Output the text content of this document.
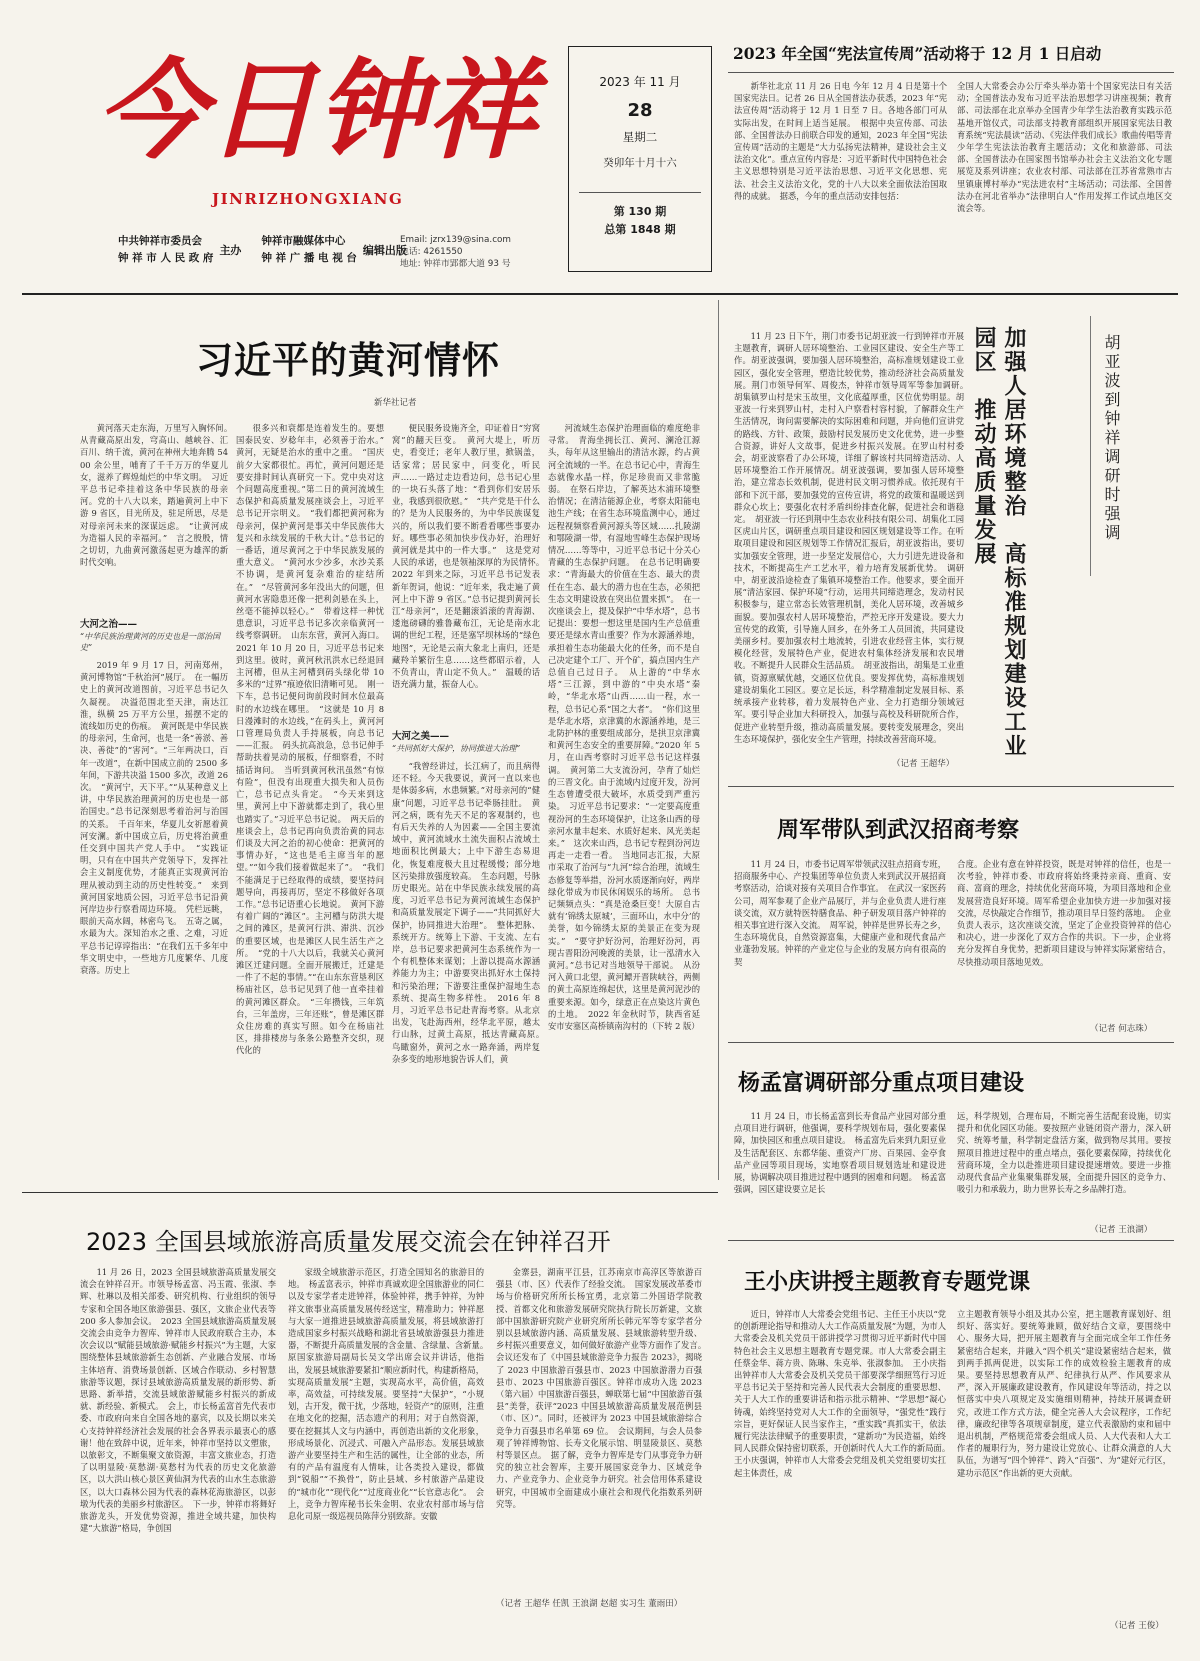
今日钟祥
JINRIZHONGXIANG
中共钟祥市委员会
钟 祥 市 人 民 政 府
主办
钟祥市融媒体中心
钟 祥 广 播 电 视 台
编辑出版
Email: jzrx139@sina.com
电话: 4261550
地址: 钟祥市郢都大道 93 号
2023 年 11 月
28
星期二
癸卯年十月十六
第 130 期
总第 1848 期
2023 年全国“宪法宣传周”活动将于 12 月 1 日启动
新华社北京 11 月 26 日电 今年 12 月 4 日是第十个国家宪法日。记者 26 日从全国普法办获悉，2023 年“宪法宣传周”活动将于 12 月 1 日至 7 日。各地各部门可从实际出发，在时间上适当延展。　根据中央宣传部、司法部、全国普法办日前联合印发的通知，2023 年全国“宪法宣传周”活动的主题是“大力弘扬宪法精神，建设社会主义法治文化”。重点宣传内容是：习近平新时代中国特色社会主义思想特别是习近平法治思想、习近平文化思想、宪法、社会主义法治文化，党的十八大以来全面依法治国取得的成就。　据悉，今年的重点活动安排包括：
全国人大常委会办公厅牵头举办第十个国家宪法日有关活动；全国普法办发布习近平法治思想学习讲座视频；教育部、司法部在北京举办全国青少年学生法治教育实践示范基地开馆仪式，司法部支持教育部组织开展国家宪法日教育系统“宪法晨读”活动、《宪法伴我们成长》歌曲传唱等青少年学生宪法法治教育主题活动；文化和旅游部、司法部、全国普法办在国家图书馆举办社会主义法治文化专题展览及系列讲座；农业农村部、司法部在江苏省常熟市古里镇康博村举办“宪法进农村”主场活动；司法部、全国普法办在河北省举办“法律明白人”作用发挥工作试点地区交流会等。
习近平的黄河情怀
新华社记者
黄河落天走东海，万里写入胸怀间。　从青藏高原出发，穹高山、越峡谷、汇百川、纳千流，黄河在神州大地奔腾 5400 余公里，哺育了千千万万的华夏儿女，滋养了辉煌灿烂的中华文明。　习近平总书记牵挂着这条中华民族的母亲河。党的十八大以来，踏遍黄河上中下游 9 省区，目光所及，驻足所思，尽是对母亲河未来的深谋远虑。　“让黄河成为造福人民的幸福河。”　言之殷殷，情之切切，九曲黄河激荡起更为雄浑的新时代交响。
大河之治——
“中华民族治理黄河的历史也是一部治国史”
2019 年 9 月 17 日，河南郑州，黄河博物馆“千秋治河”展厅。　在一幅历史上的黄河改道图前，习近平总书记久久凝视。　决溢范围北至天津，南达江淮，纵横 25 万平方公里，摇摆不定的流线如历史的伤痕。　黄河既是中华民族的母亲河，生命河，也是一条“善淤、善决、善徙”的“害河”。“三年两决口，百年一改道”，在新中国成立前的 2500 多年间，下游共决溢 1500 多次，改道 26 次。　“黄河宁，天下平。”“从某种意义上讲，中华民族治理黄河的历史也是一部治国史。”总书记深刻思考着治河与治国的关系。　千百年来，华夏儿女祈愿着黄河安澜。新中国成立后，历史将治黄重任交到中国共产党人手中。　“实践证明，只有在中国共产党领导下，发挥社会主义制度优势，才能真正实现黄河治理从被动到主动的历史性转变。”　来到黄河国家地质公园，习近平总书记沿黄河岸边步行察看周边环境。　凭栏远眺，眼前天高水阔，林密鸟飞。　五寄之属，水最为大。深知治水之重、之难，习近平总书记谆谆指出：“在我们五千多年中华文明史中，一些地方几度繁华、几度衰落。历史上
很多兴和衰都是连着发生的。要想国泰民安、岁稔年丰，必须善于治水。”　黄河，无疑是治水的重中之重。　“国庆前夕大家都很忙。再忙，黄河问题还是要安排时间认真研究一下。党中央对这个问题高度重视。”第二日的黄河流域生态保护和高质量发展座谈会上，习近平总书记开宗明义。　“我们都把黄河称为母亲河，保护黄河是事关中华民族伟大复兴和永续发展的千秋大计。”总书记的一番话，道尽黄河之于中华民族发展的重大意义。　“黄河水少沙多，水沙关系不协调，是黄河复杂难治的症结所在。”　“尽管黄河多年没出大的问题，但黄河水害隐患还像一把利剑悬在头上，丝毫不能掉以轻心。”　带着这样一种忧患意识，习近平总书记多次亲临黄河一线考察调研。　山东东营，黄河入海口。2021 年 10 月 20 日，习近平总书记来到这里。彼时，黄河秋汛洪水已经退回主河槽，但从主河槽到码头绿化带 10 多米的“过界”痕迹依旧清晰可见。　刚一下车，总书记便问询前段时间水位最高时的水边线在哪里。　“这就是 10 月 8 日漫滩时的水边线，”在码头上，黄河河口管理局负责人手持展板，向总书记——汇报。　码头抗高浪急，总书记伸手帮助扶着晃动的展板，仔细察看，不时插话询问。　当听到黄河秋汛虽然“有惊有险”，但没有出现重大损失和人员伤亡，总书记点头肯定。　“今天来到这里，黄河上中下游就都走到了，我心里也踏实了。”习近平总书记说。　两天后的座谈会上，总书记再向负责治黄的同志们谈及大河之治的初心使命：把黄河的事情办好，“这也是毛主席当年的愿望。”“如今我们接着做起来了”。　“我们不能满足于已经取得的成绩，要坚持问题导向，再接再厉，坚定不移做好各项工作。”总书记语重心长地说。　黄河下游有着广阔的“滩区”。主河槽与防洪大堤之间的滩区，是黄河行洪、滞洪、沉沙的重要区域，也是滩区人民生活生产之所。　“党的十八大以后，我就关心黄河滩区迁建问题。全面开展搬迁，迁建是一件了不起的事情。”“在山东东营垦利区杨庙社区，总书记见到了他一直牵挂着的黄河滩区群众。　“三年攒钱，三年筑台，三年盖房，三年还账”，曾是滩区群众住房难的真实写照。如今在杨庙社区，排排楼房与条条公路整齐交织，现代化的
便民服务设施齐全，印证着日“穷窝窝”的翻天巨变。　黄河大堤上，听历史，看变迁；老年人教厅里，掀锅盖，话家常；居民家中，问变化，听民声……一路过走边看边问，总书记心里的一块石头落了地：“看到你们安居乐业，我感到很欣慰。”　“共产党是干什么的？是为人民服务的，为中华民族谋复兴的，所以我们要不断看看哪些事要办好。哪些事必须加快步伐办好，治理好黄河就是其中的一件大事。”　这是党对人民的承诺，也是领袖深厚的为民情怀。　2022 年到来之际，习近平总书记发表新年贺词，他说：“近年来，我走遍了黄河上中下游 9 省区。”总书记提到黄河长江“母亲河”，还是翻滚滔滚的青海湖、逶迤磅礴的雅鲁藏布江，无论是南水北调的世纪工程，还是塞罕坝林场的“绿色地图”，无论是云南大象北上南归，还是藏羚羊繁衍生息……这些都昭示着，人不负青山，青山定不负人。”　温暖的话语充满力量，振奋人心。
大河之美——
“共同抓好大保护，协同推进大治理”
“我曾经讲过，长江病了，而且病得还不轻。今天我要说，黄河一直以来也是体弱多病，水患频繁。”对母亲河的“健康”问题，习近平总书记牵肠挂肚。　黄河之病，既有先天不足的客观制约，也有后天失养的人为因素——全国主要流域中，黄河流域水土流失面积占流域土地面积比例最大；上中下游生态易退化，恢复难度极大且过程缓慢；部分地区污染排放强度较高。　生态问题，号脉历史眼光。站在中华民族永续发展的高度，习近平总书记为黄河流域生态保护和高质量发展定下调子——“共同抓好大保护，协同推进大治理”。　整体把脉、系统开方。统筹上下游、干支流、左右岸，总书记要求把黄河生态系统作为一个有机整体来谋划；上游以提高水源涵养能力为主；中游要突出抓好水土保持和污染治理；下游要注重保护湿地生态系统、提高生物多样性。　2016 年 8 月，习近平总书记赴青海考察。从北京出发，飞赴海西州，经华北平原，越太行山脉，过黄土高原，抵达青藏高原。　鸟瞰窗外，黄河之水一路奔涌，两岸复杂多变的地形地貌告诉人们，黄
河流域生态保护治理面临的难度绝非寻常。　青海坐拥长江、黄河、澜沧江源头，每年从这里输出的清洁水源，约占黄河全流域的一半。在总书记心中，青海生态就像水晶一样，你足珍贵而又非常脆弱。　在祭石岸边，了解英达木浦环境整治情况；在清洁能源企业，考察太阳能电池生产线；在省生态环境监测中心，通过远程视频察看黄河源头等区域……扎陵湖和鄂陵湖一带，有湿地雪峰生态保护现场情况……等等中，习近平总书记十分关心青藏的生态保护问题。　在总书记明确要求：“青海最大的价值在生态、最大的责任在生态、最大的潜力也在生态，必须把生态文明建设放在突出位置来抓”。　在一次座谈会上，提及保护“中华水塔”，总书记提出：要想一想这里是国内生产总值重要还是绿水青山重要？作为水源涵养地，承担着生态功能最大化的任务，而不是自己决定建个工厂、开个矿，搞点国内生产总值自己过日子。　从上游的“中华水塔”三江源，到中游的“中央水塔”秦岭，“华北水塔”山西……山一程，水一程，总书记心系“国之大者”。　“你们这里是华北水塔，京津冀的水源涵养地，是三北防护林的重要组成部分，是拱卫京津冀和黄河生态安全的重要屏障。”2020 年 5 月，在山西考察时习近平总书记这样强调。　黄河第二大支流汾河，孕育了灿烂的三晋文化。由于流域内过度开发，汾河生态曾遭受很大破坏，水质受到严重污染。　习近平总书记要求：“一定要高度重视汾河的生态环境保护，让这条山西的母亲河水量丰起来、水质好起来、风光美起来。”　这次来山西，总书记专程到汾河边再走一走看一看。　当地同志汇报，大原市采取了治河与“九河”综合治理，流域生态修复等举措，汾河水质逐渐向好，两岸绿化带成为市民休闲娱乐的场所。　总书记频频点头：“真是沧桑巨变！大原自古就有‘锦绣太原城’，三面环山，水中分’的美誉，如今锦绣太原的美景正在变为现实。”　“要守护好汾河，治理好汾河，再现古晋阳汾河晚渡的美景，让一泓清水入黄河。”总书记对当地领导干部说。　从汾河入黄口北望，黄河鳔开晋陕峡谷，两侧的黄土高原连绵起伏，这里是黄河泥沙的重要来源。如今，绿意正在点染这片黄色的土地。　2022 年金秋时节，陕西省延安市安塞区高桥镇南沟村的（下转 2 版）
11 月 23 日下午，荆门市委书记胡亚波一行到钟祥市开展主题教育，调研人居环境整治、工业园区建设、安全生产等工作。胡亚波强调，要加强人居环境整治，高标准规划建设工业园区，强化安全管理，塑造比较优势，推动经济社会高质量发展。荆门市领导何军、周俊杰，钟祥市领导周军等参加调研。　胡集镇罗山村是宋玉故里，文化底蕴厚重，区位优势明显。胡亚波一行来到罗山村，走村入户察看村容村貌，了解群众生产生活情况，询问需要解决的实际困难和问题，并向他们宣讲党的路线、方针、政策，鼓励村民发展历史文化优势，进一步整合资源，讲好人文故事，促进乡村振兴发展。在罗山村村委会，胡亚波察看了办公环境，详细了解该村共同缔造活动、人居环境整治工作开展情况。胡亚波强调，要加强人居环境整治，建立常态长效机制，促进村民文明习惯养成。依托现有干部和下沉干部，要加强党的宣传宣讲，将党的政策和温暖送到群众心坎上；要强化农村矛盾纠纷排查化解，促进社会和谐稳定。　胡亚波一行还到荆中生态农业科技有限公司、胡集化工园区虎山片区，调研重点项目建设和园区规划建设等工作。在听取项目建设和园区规划等工作情况汇报后，胡亚波指出，要切实加强安全管理，进一步坚定发展信心，大力引进先进设备和技术，不断提高生产工艺水平，着力培育发展新优势。　调研中，胡亚波沿途检查了集镇环境整治工作。他要求，要全面开展“清洁家园、保护环境”行动，运用共同缔造理念，发动村民积极参与，建立常态长效管理机制，美化人居环境，改善城乡面貌。要加强农村人居环境整治，严控无序开发建设。要大力宣传党的政策，引导施人回乡，在外务工人员回流，共同建设美丽乡村。要加强农村土地流转，引进农业经营主体，实行规模化经营，发展特色产业，促进农村集体经济发展和农民增收。不断提升人民群众生活品质。　胡亚波指出，胡集是工业重镇，资源禀赋优越，交通区位优良。要发挥优势，高标准规划建设胡集化工园区。要立足长远，科学精准制定发展目标、系统承接产业转移，着力发展特色产业、全力打造细分领域冠军。要引导企业加大科研投入，加强与高校及科研院所合作，促进产业转型升级，推动高质量发展。要转变发展理念，突出生态环境保护，强化安全生产管理，持续改善营商环境。
（记者 王超华）
加强人居环境整治　高标准规划建设工业园区　推动高质量发展	胡亚波到钟祥调研时强调
周军带队到武汉招商考察
11 月 24 日，市委书记周军带领武汉驻点招商专班，招商服务中心、产投集团等单位负责人来到武汉开展招商考察活动，洽谈对接有关项目合作事宜。　在武汉一家医药公司，周军参观了企业产品展厅，并与企业负责人进行座谈交流，双方就特医特膳食品、种子研发项目落户钟祥的相关事宜进行深入交流。　周军说，钟祥是世界长寿之乡，生态环境优良，自然资源富集，大健康产业和现代食品产业蓬勃发展。钟祥的产业定位与企业的发展方向有很高的契
合度。企业有意在钟祥投资，既是对钟祥的信任，也是一次考验，钟祥市委、市政府将始终秉持亲商、重商、安商、富商的理念，持续优化营商环境，为项目落地和企业发展营造良好环境。周军希望企业加快方进一步加强对接交流，尽快敲定合作细节，推动项目早日签约落地。　企业负责人表示，这次座谈交流，坚定了企业投资钟祥的信心和决心，进一步深化了双方合作的共识。下一步，企业将充分发挥自身优势，把新项目建设与钟祥实际紧密结合，尽快推动项目落地见效。
（记者 何志珠）
杨孟富调研部分重点项目建设
11 月 24 日，市长杨孟富到长寿食品产业园对部分重点项目进行调研，他强调，要科学规划布局，强化要素保障，加快园区和重点项目建设。　杨孟富先后来到九阳豆业及生活配套区、东都华能、重资产厂房、百果园、金亭食品产业园等项目现场，实地察看项目规划选址和建设进展，协调解决项目推进过程中遇到的困难和问题。　杨孟富强调，园区建设要立足长
远，科学规划，合理布局，不断完善生活配套设施，切实提升和优化园区功能。要按照产业链闭资产潜力，深入研究、统筹考量，科学制定盘活方案，做到物尽其用。要按照项目推进过程中的重点堵点，强化要素保障，持续优化营商环境，全力以赴推进项目建设提速增效。要进一步推动现代食品产业集聚集群发展，全面提升园区的竞争力、吸引力和承载力，助力世界长寿之乡品牌打造。
（记者 王浪湖）
王小庆讲授主题教育专题党课
近日，钟祥市人大常委会党组书记、主任王小庆以“党的创新理论指导和推动人大工作高质量发展”为题，为市人大常委会及机关党员干部讲授学习贯彻习近平新时代中国特色社会主义思想主题教育专题党课。市人大常委会副主任蔡金华、蒋方贵、陈琳、朱克举、张淑参加。　王小庆指出钟祥市人大常委会及机关党员干部要深学细照笃行习近平总书记关于坚持和完善人民代表大会制度的重要思想、关于人大工作的重要讲话和指示批示精神、“学思想”凝心铸魂，始终坚持党对人大工作的全面领导，“强党性”践行宗旨，更好保证人民当家作主，“重实践”真抓实干，依法履行宪法法律赋予的重要职责，“建新功”为民造福，始终同人民群众保持密切联系，开创新时代人大工作的新局面。　王小庆强调，钟祥市人大常委会党组及机关党组要切实扛起主体责任，成
立主题教育领导小组及其办公室，把主题教育谋划好、组织好、落实好。要统筹兼顾，做好结合文章，要围绕中心、服务大局，把开展主题教育与全面完成全年工作任务紧密结合起来，并融入“四个机关”建设紧密结合起来，做到两手抓两促进，以实际工作的成效检验主题教育的成果。要坚持思想教育从严、纪律执行从严、作风要求从严，深入开展廉政建设教育，作风建设年等活动，持之以恒落实中央八项规定及实施细则精神，持续开展调查研究，改进工作方式方法，健全完善人大会议程序，工作纪律，廉政纪律等各项规章制度，建立代表激励约束和届中退出机制，严格规范常委会组成人员、人大代表和人大工作者的履职行为，努力建设让党放心、让群众满意的人大队伍，为谱写“四个钟祥”、跨入“百强”、为“建好元行区，建功示范区”作出新的更大贡献。
（记者 王俊）
2023 全国县域旅游高质量发展交流会在钟祥召开
11 月 26 日，2023 全国县域旅游高质量发展交流会在钟祥召开。市领导杨孟富、冯玉霞、张淑、李辉、杜琳以及相关部委、研究机构、行业组织的领导专家和全国各地区旅游强县、强区，文旅企业代表等 200 多人参加会议。　2023 全国县域旅游高质量发展交流会由竞争力智库、钟祥市人民政府联合主办，本次会议以“赋能县域旅游·赋能乡村振兴”为主题，大家围绕整体县域旅游新生态创新、产业融合发展、市场主体培育、消费场景创新、区域合作联动、乡村智慧旅游等议题，探讨县域旅游高质量发展的新形势、新思路、新举措，交流县域旅游赋能乡村振兴的新成就、新经验、新模式。　会上，市长杨孟富首先代表市委、市政府向来自全国各地的嘉宾，以及长期以来关心支持钟祥经济社会发展的社会各界表示最衷心的感谢！他在致辞中说，近年来，钟祥市坚持以文塑旅，以旅彰文，不断集聚文旅资源，丰富文旅业态，打造了以明显陵·莫愁湖·莫愁村为代表的历史文化旅游区，以大洪山核心景区黄仙洞为代表的山水生态旅游区，以大口森林公园为代表的森林花海旅游区，以彭墩为代表的美丽乡村旅游区。　下一步，钟祥市将舞好旅游龙头，开发优势资源，推进全域共建，加快构建“大旅游”格局，争创国
家级全域旅游示范区，打造全国知名的旅游目的地。　杨孟富表示，钟祥市真诚欢迎全国旅游业的同仁以及专家学者走进钟祥，体验钟祥，携手钟祥，为钟祥文旅事业高质量发展传经送宝，精准助力；钟祥愿与大家一道推进县域旅游高质量发展，将县域旅游打造成国家乡村振兴战略和湖北省县域旅游强县力推进器，不断提升高质量发展的含金量、含绿量、含新量。　原国家旅游局副局长吴文学出席会议并讲话，他指出，发展县域旅游要紧扣“顺应新时代，构建新格局，实现高质量发展”主题，实现高水平，高价值，高效率，高效益，可持续发展。要坚持“大保护”，“小规划，古开发，微干扰，少落地，轻资产”的原则，注重在地文化的挖掘，活态遗产的利用；对于自然资源，要在挖掘其人文与内涵中，再创造出新的文化形象，形成场景化、沉浸式、可融入产品形态。发展县域旅游产业要坚持生产和生活的属性，让全部的业态，所有的产品有温度有人情味，让各类投入建设，都做到“锐船”“不换骨”，防止县域、乡村旅游产品建设的“城市化”“现代化”“过度商业化”“长官意志化”。　会上，竞争力智库秘书长朱金明、农业农村部市场与信息化司原一级巡视员陈萍分别致辞。安徽
金寨县，湖南平江县，江苏南京市高淳区等旅游百强县（市、区）代表作了经验交流。　国家发展改革委市场与价格研究所所长杨宜勇，北京第二外国语学院教授、首都文化和旅游发展研究院执行院长厉新建，文旅部中国旅游研究院产业研究所所长韩元军等专家学者分别以县域旅游内涵、高质量发展、县域旅游转型升级、乡村振兴重要意义，如何做好旅游产业等方面作了发言。　会议还发布了《中国县域旅游竞争力报告 2023》，揭晓了 2023 中国旅游百强县市、2023 中国旅游潜力百强县市、2023 中国旅游百强区。钟祥市成功入选 2023（第六届）中国旅游百强县，蝉联第七届“中国旅游百强县”美誉，获评“2023 中国县域旅游高质量发展范例县（市、区）”。同时，还被评为 2023 中国县域旅游综合竞争力百强县市名单第 69 位。　会议期间，与会人员参观了钟祥博物馆、长寿文化展示馆、明显陵景区、莫愁村等景区点。　据了解，竞争力智库是专门从事竞争力研究的独立社会智库，主要开展国家竞争力、区域竞争力、产业竞争力、企业竞争力研究。社会信用体系建设研究，中国城市全面建成小康社会和现代化指数系列研究等。
（记者 王超华 任凯 王浪湖 赵超 实习生 董雨田）
